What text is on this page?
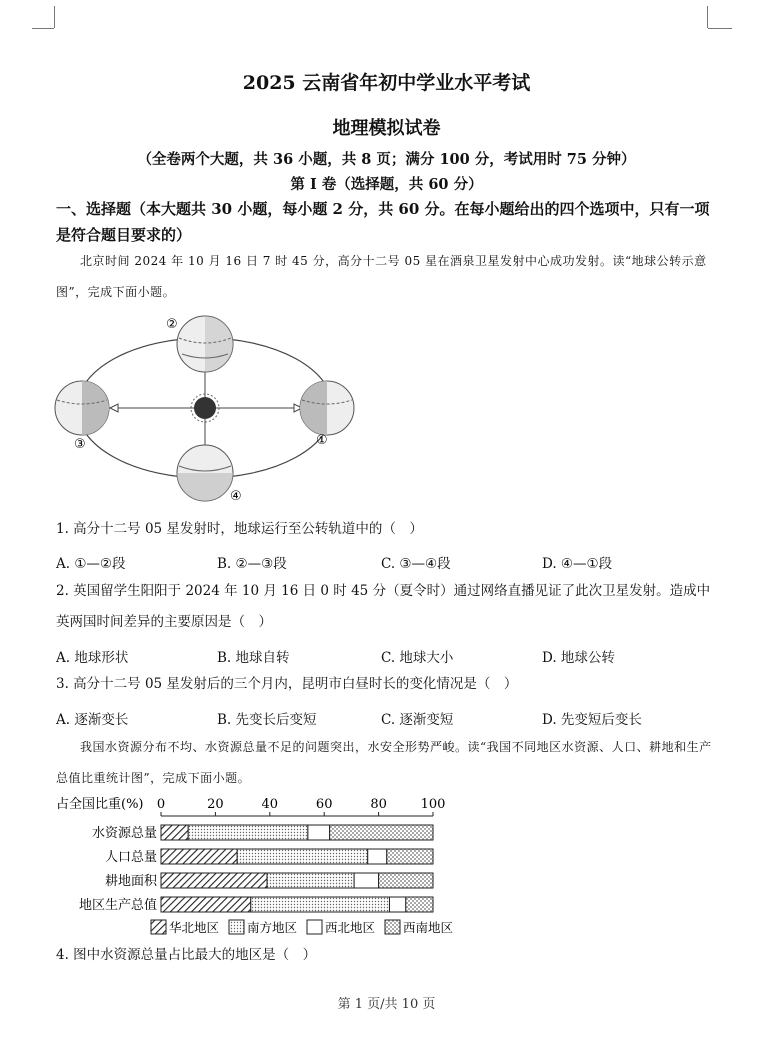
2025 云南省年初中学业水平考试
地理模拟试卷
（全卷两个大题，共 36 小题，共 8 页；满分 100 分，考试用时 75 分钟）
第 I 卷（选择题，共 60 分）
一、选择题（本大题共 30 小题，每小题 2 分，共 60 分。在每小题给出的四个选项中，只有一项是符合题目要求的）
北京时间 2024 年 10 月 16 日 7 时 45 分，高分十二号 05 星在酒泉卫星发射中心成功发射。读“地球公转示意图”，完成下面小题。
①
②
③
④
1. 高分十二号 05 星发射时，地球运行至公转轨道中的（　）
A. ①—②段	B. ②—③段	C. ③—④段	D. ④—①段
2. 英国留学生阳阳于 2024 年 10 月 16 日 0 时 45 分（夏令时）通过网络直播见证了此次卫星发射。造成中英两国时间差异的主要原因是（　）
A. 地球形状	B. 地球自转	C. 地球大小	D. 地球公转
3. 高分十二号 05 星发射后的三个月内，昆明市白昼时长的变化情况是（　）
A. 逐渐变长	B. 先变长后变短	C. 逐渐变短	D. 先变短后变长
我国水资源分布不均、水资源总量不足的问题突出，水安全形势严峻。读“我国不同地区水资源、人口、耕地和生产总值比重统计图”，完成下面小题。
占全国比重(%) 0	20	40	60	80	100
水资源总量
人口总量
耕地面积
地区生产总值
华北地区 南方地区 西北地区 西南地区
4. 图中水资源总量占比最大的地区是（　）
第 1 页/共 10 页
